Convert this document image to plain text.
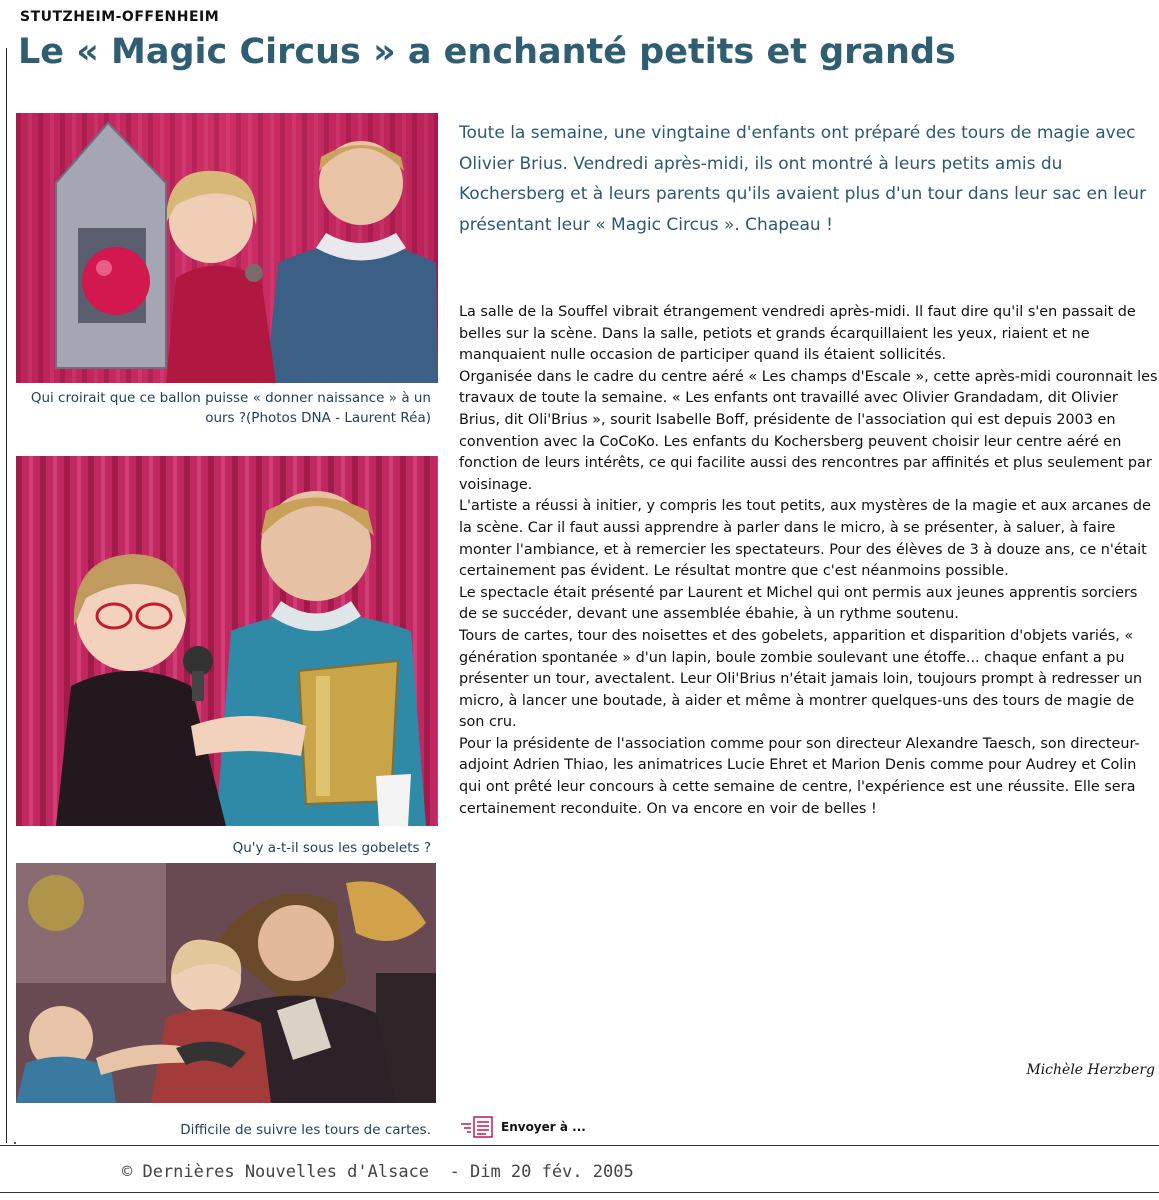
STUTZHEIM-OFFENHEIM
Le « Magic Circus » a enchanté petits et grands
Qui croirait que ce ballon puisse « donner naissance » à un ours ?(Photos DNA - Laurent Réa)
Qu'y a-t-il sous les gobelets ?
Difficile de suivre les tours de cartes.

Toute la semaine, une vingtaine d'enfants ont préparé des tours de magie avec Olivier Brius. Vendredi après-midi, ils ont montré à leurs petits amis du Kochersberg et à leurs parents qu'ils avaient plus d'un tour dans leur sac en leur présentant leur « Magic Circus ». Chapeau !

La salle de la Souffel vibrait étrangement vendredi après-midi. Il faut dire qu'il s'en passait de belles sur la scène. Dans la salle, petiots et grands écarquillaient les yeux, riaient et ne manquaient nulle occasion de participer quand ils étaient sollicités.

Organisée dans le cadre du centre aéré « Les champs d'Escale », cette après-midi couronnait les travaux de toute la semaine. « Les enfants ont travaillé avec Olivier Grandadam, dit Olivier Brius, dit Oli'Brius », sourit Isabelle Boff, présidente de l'association qui est depuis 2003 en convention avec la CoCoKo. Les enfants du Kochersberg peuvent choisir leur centre aéré en fonction de leurs intérêts, ce qui facilite aussi des rencontres par affinités et plus seulement par voisinage.

L'artiste a réussi à initier, y compris les tout petits, aux mystères de la magie et aux arcanes de la scène. Car il faut aussi apprendre à parler dans le micro, à se présenter, à saluer, à faire monter l'ambiance, et à remercier les spectateurs. Pour des élèves de 3 à douze ans, ce n'était certainement pas évident. Le résultat montre que c'est néanmoins possible.

Le spectacle était présenté par Laurent et Michel qui ont permis aux jeunes apprentis sorciers de se succéder, devant une assemblée ébahie, à un rythme soutenu.

Tours de cartes, tour des noisettes et des gobelets, apparition et disparition d'objets variés, « génération spontanée » d'un lapin, boule zombie soulevant une étoffe... chaque enfant a pu présenter un tour, avectalent. Leur Oli'Brius n'était jamais loin, toujours prompt à redresser un micro, à lancer une boutade, à aider et même à montrer quelques-uns des tours de magie de son cru.

Pour la présidente de l'association comme pour son directeur Alexandre Taesch, son directeur-adjoint Adrien Thiao, les animatrices Lucie Ehret et Marion Denis comme pour Audrey et Colin qui ont prêté leur concours à cette semaine de centre, l'expérience est une réussite. Elle sera certainement reconduite. On va encore en voir de belles !

Michèle Herzberg
Envoyer à ...
© Dernières Nouvelles d'Alsace  - Dim 20 fév. 2005
